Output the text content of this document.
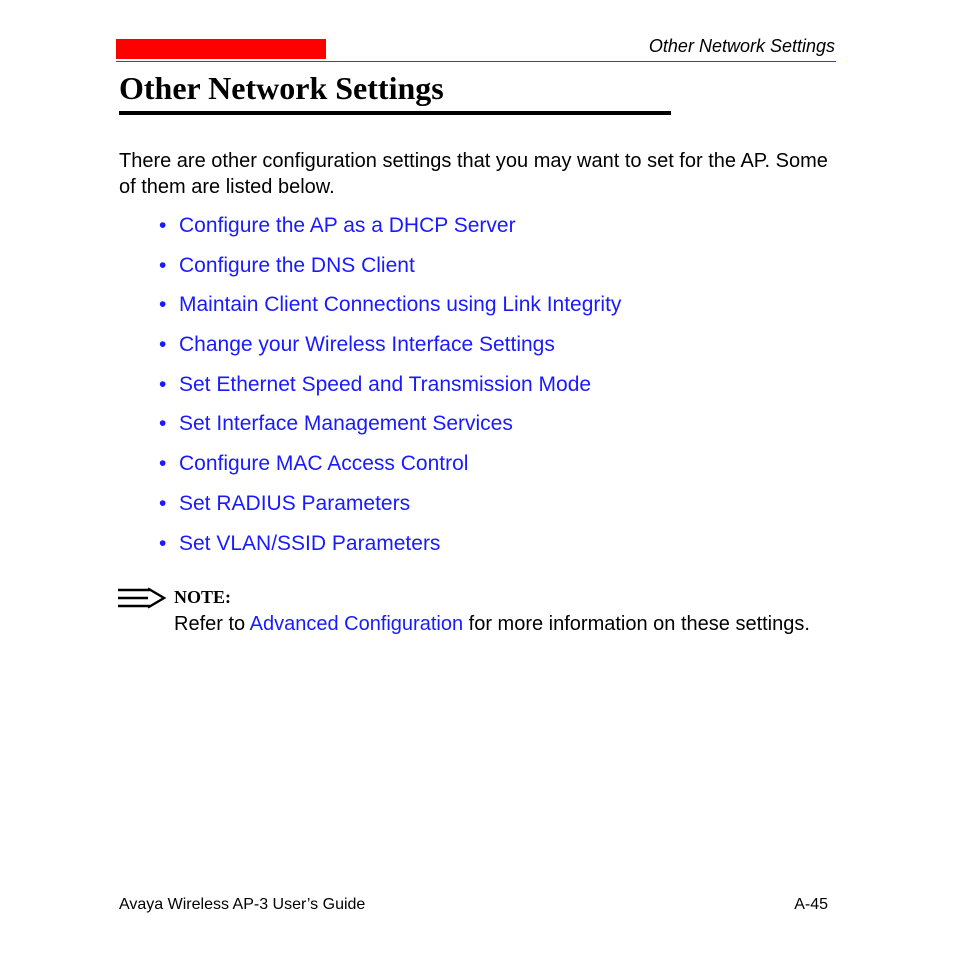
Other Network Settings
Other Network Settings

There are other configuration settings that you may want to set for the AP. Some of them are listed below.

• Configure the AP as a DHCP Server
• Configure the DNS Client
• Maintain Client Connections using Link Integrity
• Change your Wireless Interface Settings
• Set Ethernet Speed and Transmission Mode
• Set Interface Management Services
• Configure MAC Access Control
• Set RADIUS Parameters
• Set VLAN/SSID Parameters
NOTE:

Refer to Advanced Configuration for more information on these settings.

Avaya Wireless AP-3 User’s Guide	A-45
